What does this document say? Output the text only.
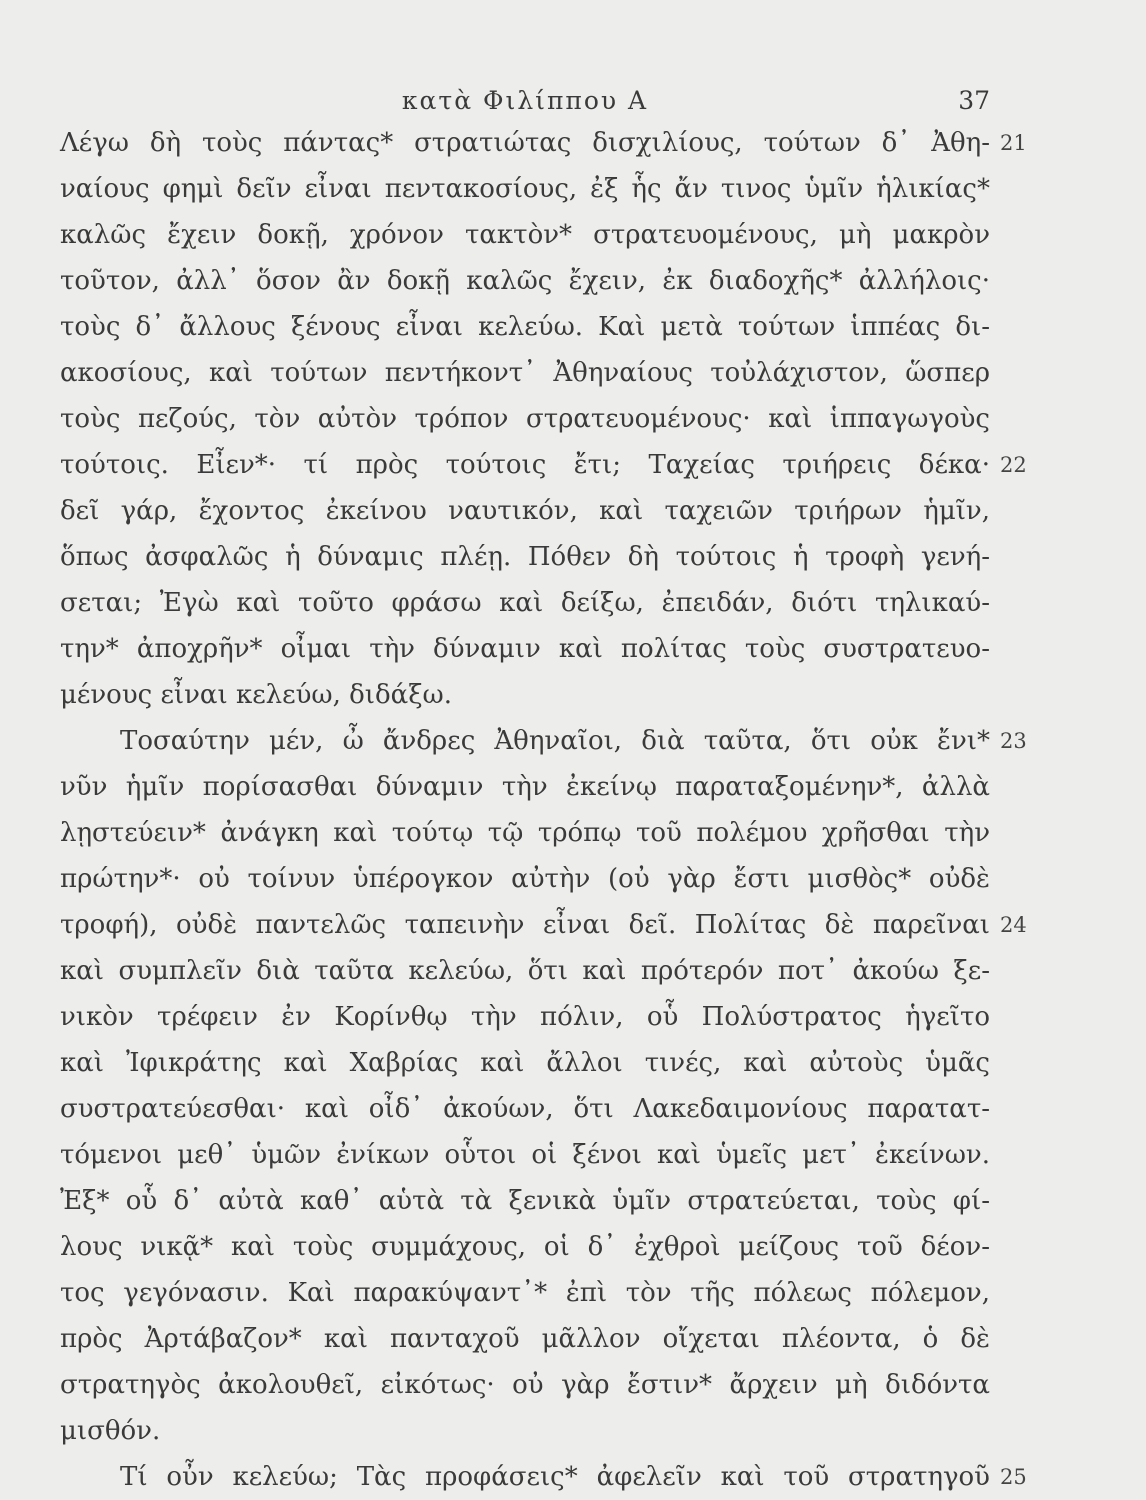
κατὰ Φιλίππου Α	37
Λέγω δὴ τοὺς πάντας* στρατιώτας δισχιλίους, τούτων δ᾿ Ἀθη- 21
ναίους φημὶ δεῖν εἶναι πεντακοσίους, ἐξ ἧς ἄν τινος ὑμῖν ἡλικίας*
καλῶς ἔχειν δοκῇ, χρόνον τακτὸν* στρατευομένους, μὴ μακρὸν
τοῦτον, ἀλλ᾿ ὅσον ἂν δοκῇ καλῶς ἔχειν, ἐκ διαδοχῆς* ἀλλήλοις·
τοὺς δ᾿ ἄλλους ξένους εἶναι κελεύω. Καὶ μετὰ τούτων ἱππέας δι-
ακοσίους, καὶ τούτων πεντήκοντ᾿ Ἀθηναίους τοὐλάχιστον, ὥσπερ
τοὺς πεζούς, τὸν αὐτὸν τρόπον στρατευομένους· καὶ ἱππαγωγοὺς
τούτοις. Εἶεν*· τί πρὸς τούτοις ἔτι; Ταχείας τριήρεις δέκα· 22
δεῖ γάρ, ἔχοντος ἐκείνου ναυτικόν, καὶ ταχειῶν τριήρων ἡμῖν,
ὅπως ἀσφαλῶς ἡ δύναμις πλέῃ. Πόθεν δὴ τούτοις ἡ τροφὴ γενή-
σεται; Ἐγὼ καὶ τοῦτο φράσω καὶ δείξω, ἐπειδάν, διότι τηλικαύ-
την* ἀποχρῆν* οἶμαι τὴν δύναμιν καὶ πολίτας τοὺς συστρατευο-
μένους εἶναι κελεύω, διδάξω.
Τοσαύτην μέν, ὦ ἄνδρες Ἀθηναῖοι, διὰ ταῦτα, ὅτι οὐκ ἔνι* 23
νῦν ἡμῖν πορίσασθαι δύναμιν τὴν ἐκείνῳ παραταξομένην*, ἀλλὰ
λῃστεύειν* ἀνάγκη καὶ τούτῳ τῷ τρόπῳ τοῦ πολέμου χρῆσθαι τὴν
πρώτην*· οὐ τοίνυν ὑπέρογκον αὐτὴν (οὐ γὰρ ἔστι μισθὸς* οὐδὲ
τροφή), οὐδὲ παντελῶς ταπεινὴν εἶναι δεῖ. Πολίτας δὲ παρεῖναι 24
καὶ συμπλεῖν διὰ ταῦτα κελεύω, ὅτι καὶ πρότερόν ποτ᾿ ἀκούω ξε-
νικὸν τρέφειν ἐν Κορίνθῳ τὴν πόλιν, οὗ Πολύστρατος ἡγεῖτο
καὶ Ἰφικράτης καὶ Χαβρίας καὶ ἄλλοι τινές, καὶ αὐτοὺς ὑμᾶς
συστρατεύεσθαι· καὶ οἶδ᾿ ἀκούων, ὅτι Λακεδαιμονίους παρατατ-
τόμενοι μεθ᾿ ὑμῶν ἐνίκων οὗτοι οἱ ξένοι καὶ ὑμεῖς μετ᾿ ἐκείνων.
Ἐξ* οὗ δ᾿ αὐτὰ καθ᾿ αὑτὰ τὰ ξενικὰ ὑμῖν στρατεύεται, τοὺς φί-
λους νικᾷ* καὶ τοὺς συμμάχους, οἱ δ᾿ ἐχθροὶ μείζους τοῦ δέον-
τος γεγόνασιν. Καὶ παρακύψαντ᾿* ἐπὶ τὸν τῆς πόλεως πόλεμον,
πρὸς Ἀρτάβαζον* καὶ πανταχοῦ μᾶλλον οἴχεται πλέοντα, ὁ δὲ
στρατηγὸς ἀκολουθεῖ, εἰκότως· οὐ γὰρ ἔστιν* ἄρχειν μὴ διδόντα
μισθόν.
Τί οὖν κελεύω; Τὰς προφάσεις* ἀφελεῖν καὶ τοῦ στρατηγοῦ 25
